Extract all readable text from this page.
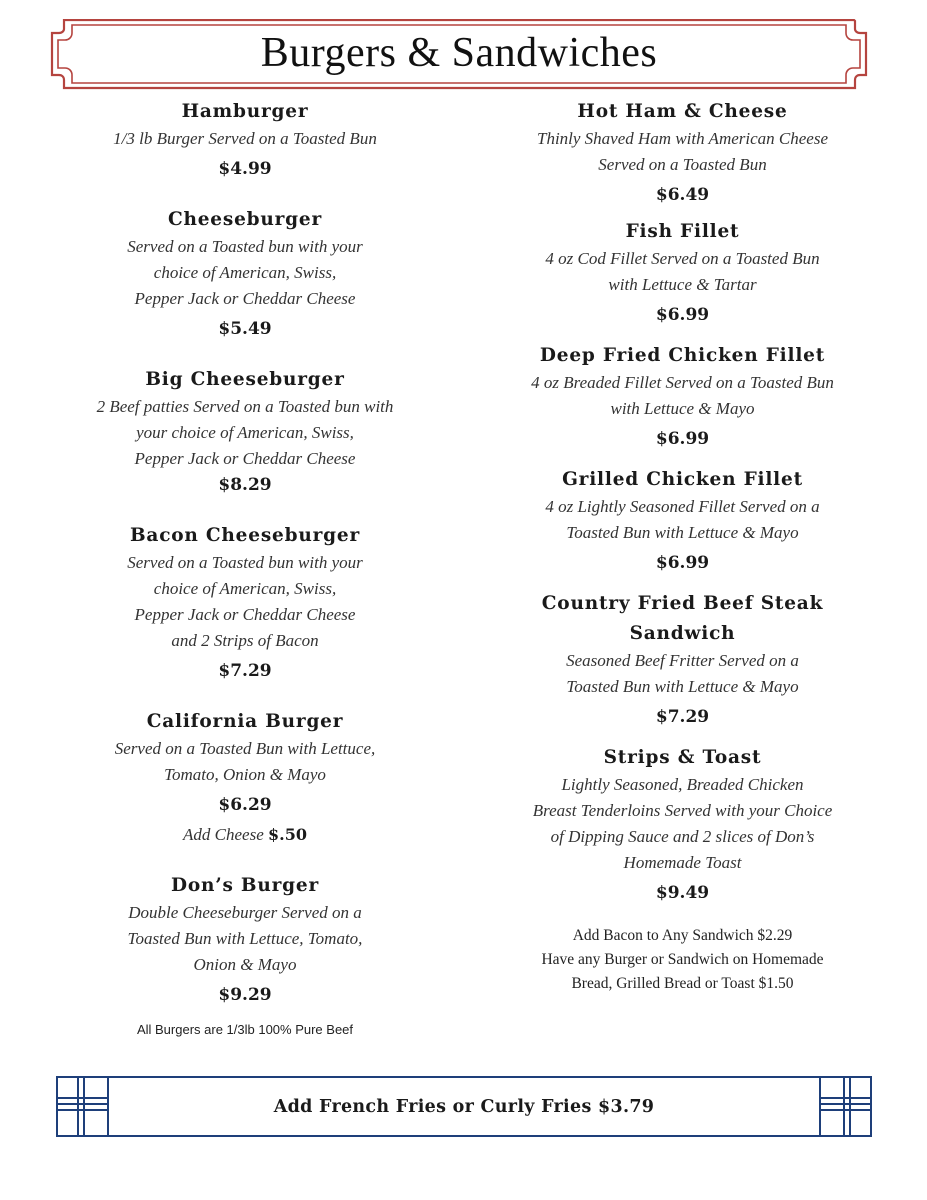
Burgers & Sandwiches
Hamburger
1/3 lb Burger Served on a Toasted Bun
$4.99
Cheeseburger
Served on a Toasted bun with your
choice of American, Swiss,
Pepper Jack or Cheddar Cheese
$5.49
Big Cheeseburger
2 Beef patties Served on a Toasted bun with
your choice of American, Swiss,
Pepper Jack or Cheddar Cheese
$8.29
Bacon Cheeseburger
Served on a Toasted bun with your
choice of American, Swiss,
Pepper Jack or Cheddar Cheese
and 2 Strips of Bacon
$7.29
California Burger
Served on a Toasted Bun with Lettuce,
Tomato, Onion & Mayo
$6.29
Add Cheese $.50
Don’s Burger
Double Cheeseburger Served on a
Toasted Bun with Lettuce, Tomato,
Onion & Mayo
$9.29
All Burgers are 1/3lb 100% Pure Beef
Hot Ham & Cheese
Thinly Shaved Ham with American Cheese
Served on a Toasted Bun
$6.49
Fish Fillet
4 oz Cod Fillet Served on a Toasted Bun
with Lettuce & Tartar
$6.99
Deep Fried Chicken Fillet
4 oz Breaded Fillet Served on a Toasted Bun
with Lettuce & Mayo
$6.99
Grilled Chicken Fillet
4 oz Lightly Seasoned Fillet Served on a
Toasted Bun with Lettuce & Mayo
$6.99
Country Fried Beef Steak
Sandwich
Seasoned Beef Fritter Served on a
Toasted Bun with Lettuce & Mayo
$7.29
Strips & Toast
Lightly Seasoned, Breaded Chicken
Breast Tenderloins Served with your Choice
of Dipping Sauce and 2 slices of Don’s
Homemade Toast
$9.49
Add Bacon to Any Sandwich $2.29
Have any Burger or Sandwich on Homemade
Bread, Grilled Bread or Toast $1.50
Add French Fries or Curly Fries $3.79
